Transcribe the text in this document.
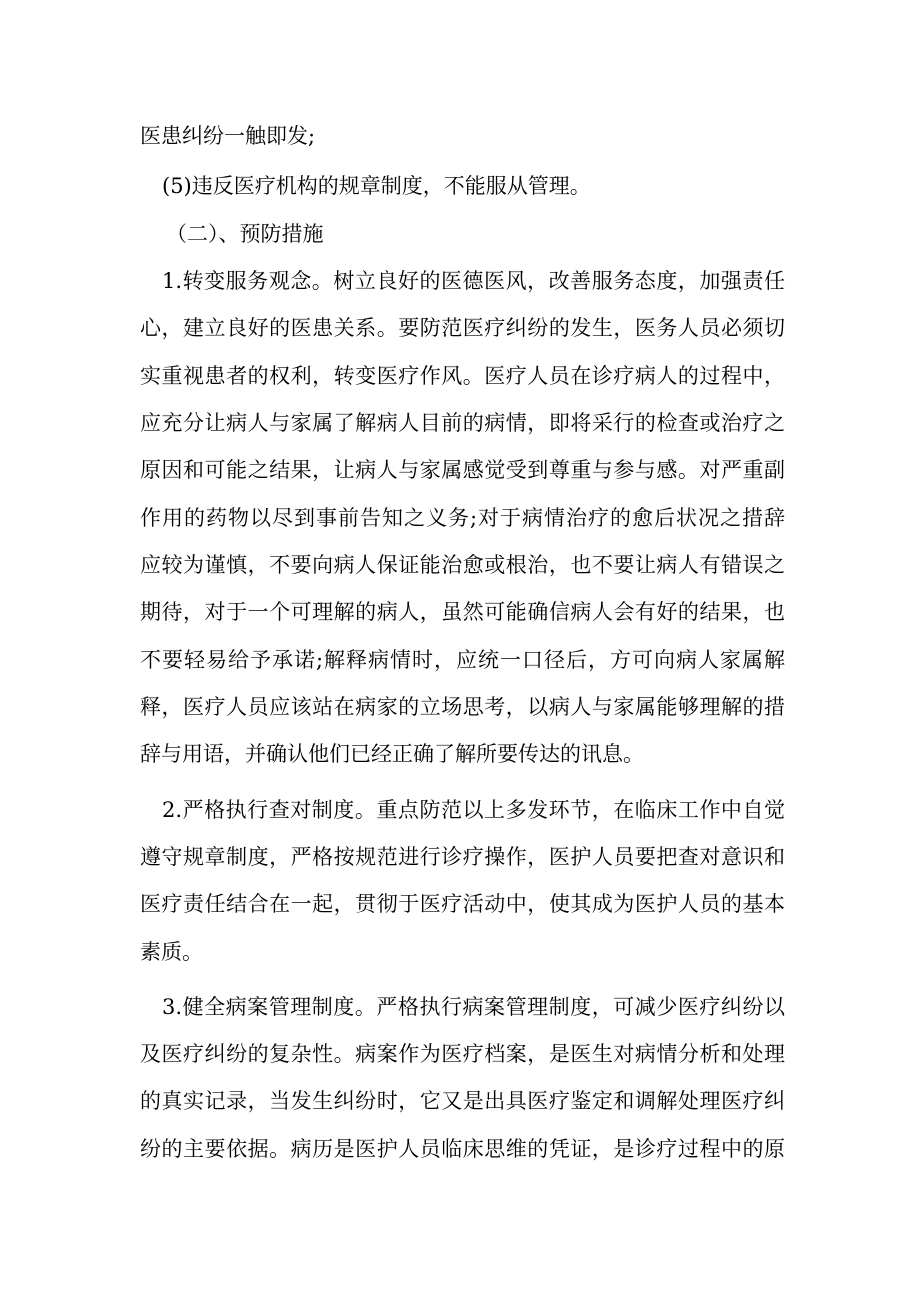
医患纠纷一触即发;
(5)违反医疗机构的规章制度，不能服从管理。
（二）、预防措施
1.转变服务观念。树立良好的医德医风，改善服务态度，加强责任
心，建立良好的医患关系。要防范医疗纠纷的发生，医务人员必须切
实重视患者的权利，转变医疗作风。医疗人员在诊疗病人的过程中，
应充分让病人与家属了解病人目前的病情，即将采行的检查或治疗之
原因和可能之结果，让病人与家属感觉受到尊重与参与感。对严重副
作用的药物以尽到事前告知之义务;对于病情治疗的愈后状况之措辞
应较为谨慎，不要向病人保证能治愈或根治，也不要让病人有错误之
期待，对于一个可理解的病人，虽然可能确信病人会有好的结果，也
不要轻易给予承诺;解释病情时，应统一口径后，方可向病人家属解
释，医疗人员应该站在病家的立场思考，以病人与家属能够理解的措
辞与用语，并确认他们已经正确了解所要传达的讯息。
2.严格执行查对制度。重点防范以上多发环节，在临床工作中自觉
遵守规章制度，严格按规范进行诊疗操作，医护人员要把查对意识和
医疗责任结合在一起，贯彻于医疗活动中，使其成为医护人员的基本
素质。
3.健全病案管理制度。严格执行病案管理制度，可减少医疗纠纷以
及医疗纠纷的复杂性。病案作为医疗档案，是医生对病情分析和处理
的真实记录，当发生纠纷时，它又是出具医疗鉴定和调解处理医疗纠
纷的主要依据。病历是医护人员临床思维的凭证，是诊疗过程中的原
